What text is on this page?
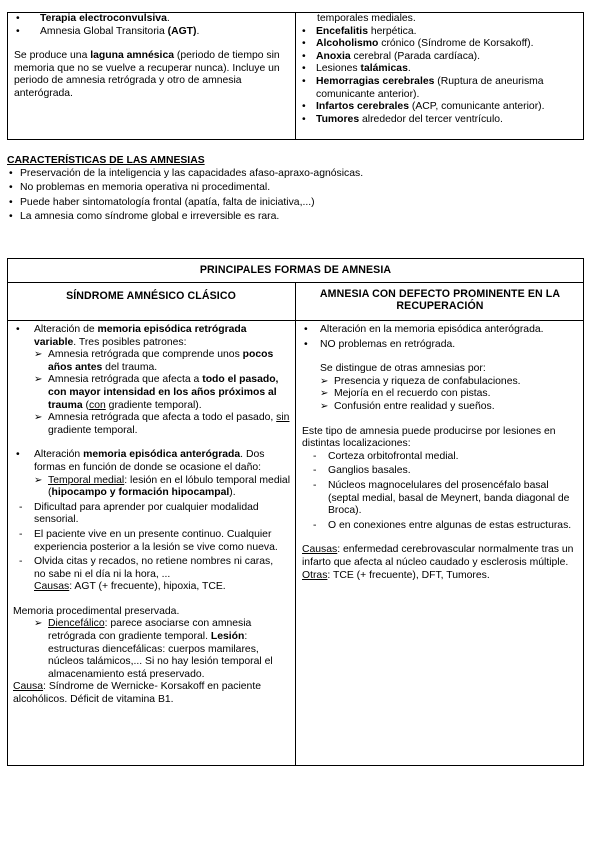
• Terapia electroconvulsiva.
• Amnesia Global Transitoria (AGT).

Se produce una laguna amnésica (periodo de tiempo sin memoria que no se vuelve a recuperar nunca). Incluye un periodo de amnesia retrógrada y otro de amnesia anterógrada.

temporales mediales.

• Encefalitis herpética.
• Alcoholismo crónico (Síndrome de Korsakoff).
• Anoxia cerebral (Parada cardíaca).
• Lesiones talámicas.
• Hemorragias cerebrales (Ruptura de aneurisma comunicante anterior).
• Infartos cerebrales (ACP, comunicante anterior).
• Tumores alrededor del tercer ventrículo.

CARACTERÍSTICAS DE LAS AMNESIAS

• Preservación de la inteligencia y las capacidades afaso-apraxo-agnósicas.
• No problemas en memoria operativa ni procedimental.
• Puede haber sintomatología frontal (apatía, falta de iniciativa,...)
• La amnesia como síndrome global e irreversible es rara.
PRINCIPALES FORMAS DE AMNESIA
SÍNDROME AMNÉSICO CLÁSICO	AMNESIA CON DEFECTO PROMINENTE EN LA RECUPERACIÓN
• Alteración de memoria episódica retrógrada variable. Tres posibles patrones:
➢ Amnesia retrógrada que comprende unos pocos años antes del trauma.
➢ Amnesia retrógrada que afecta a todo el pasado, con mayor intensidad en los años próximos al trauma (con gradiente temporal).
➢ Amnesia retrógrada que afecta a todo el pasado, sin gradiente temporal.
• Alteración memoria episódica anterógrada. Dos formas en función de donde se ocasione el daño:
➢ Temporal medial: lesión en el lóbulo temporal medial (hipocampo y formación hipocampal).
- Dificultad para aprender por cualquier modalidad sensorial.
- El paciente vive en un presente continuo. Cualquier experiencia posterior a la lesión se vive como nueva.
- Olvida citas y recados, no retiene nombres ni caras, no sabe ni el día ni la hora, ...

Causas: AGT (+ frecuente), hipoxia, TCE.

Memoria procedimental preservada.

➢ Diencefálico: parece asociarse con amnesia retrógrada con gradiente temporal. Lesión: estructuras diencefálicas: cuerpos mamilares, núcleos talámicos,... Si no hay lesión temporal el almacenamiento está preservado.

Causa: Síndrome de Wernicke- Korsakoff en paciente alcohólicos. Déficit de vitamina B1.

• Alteración en la memoria episódica anterógrada.
• NO problemas en retrógrada.

Se distingue de otras amnesias por:

➢ Presencia y riqueza de confabulaciones.
➢ Mejoría en el recuerdo con pistas.
➢ Confusión entre realidad y sueños.

Este tipo de amnesia puede producirse por lesiones en distintas localizaciones:

- Corteza orbitofrontal medial.
- Ganglios basales.
- Núcleos magnocelulares del prosencéfalo basal (septal medial, basal de Meynert, banda diagonal de Broca).
- O en conexiones entre algunas de estas estructuras.

Causas: enfermedad cerebrovascular normalmente tras un infarto que afecta al núcleo caudado y esclerosis múltiple. Otras: TCE (+ frecuente), DFT, Tumores.
